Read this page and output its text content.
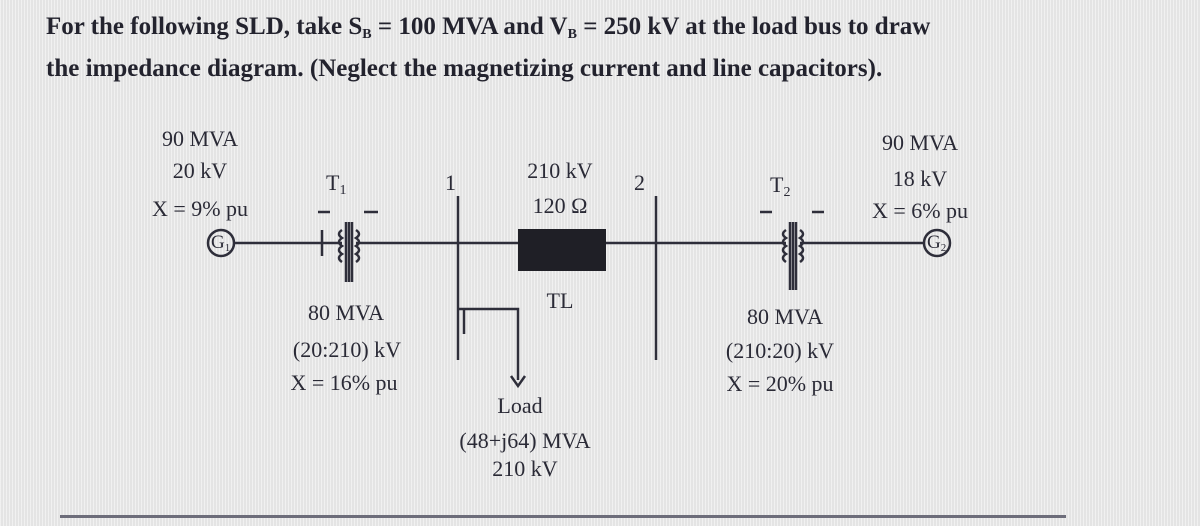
For the following SLD, take $S_B = 100$ MVA and $V_B = 250$ kV at the load bus to draw
the impedance diagram. (Neglect the magnetizing current and line capacitors).
90 MVA
20 kV
X = 9% pu
$G_1$
$T_1$
80 MVA
(20:210) kV
X = 16% pu
1	2
210 kV
120 Ω
TL
Load
(48+j64) MVA
210 kV
$T_2$
80 MVA
(210:20) kV
X = 20% pu
90 MVA
18 kV
X = 6% pu
$G_2$
